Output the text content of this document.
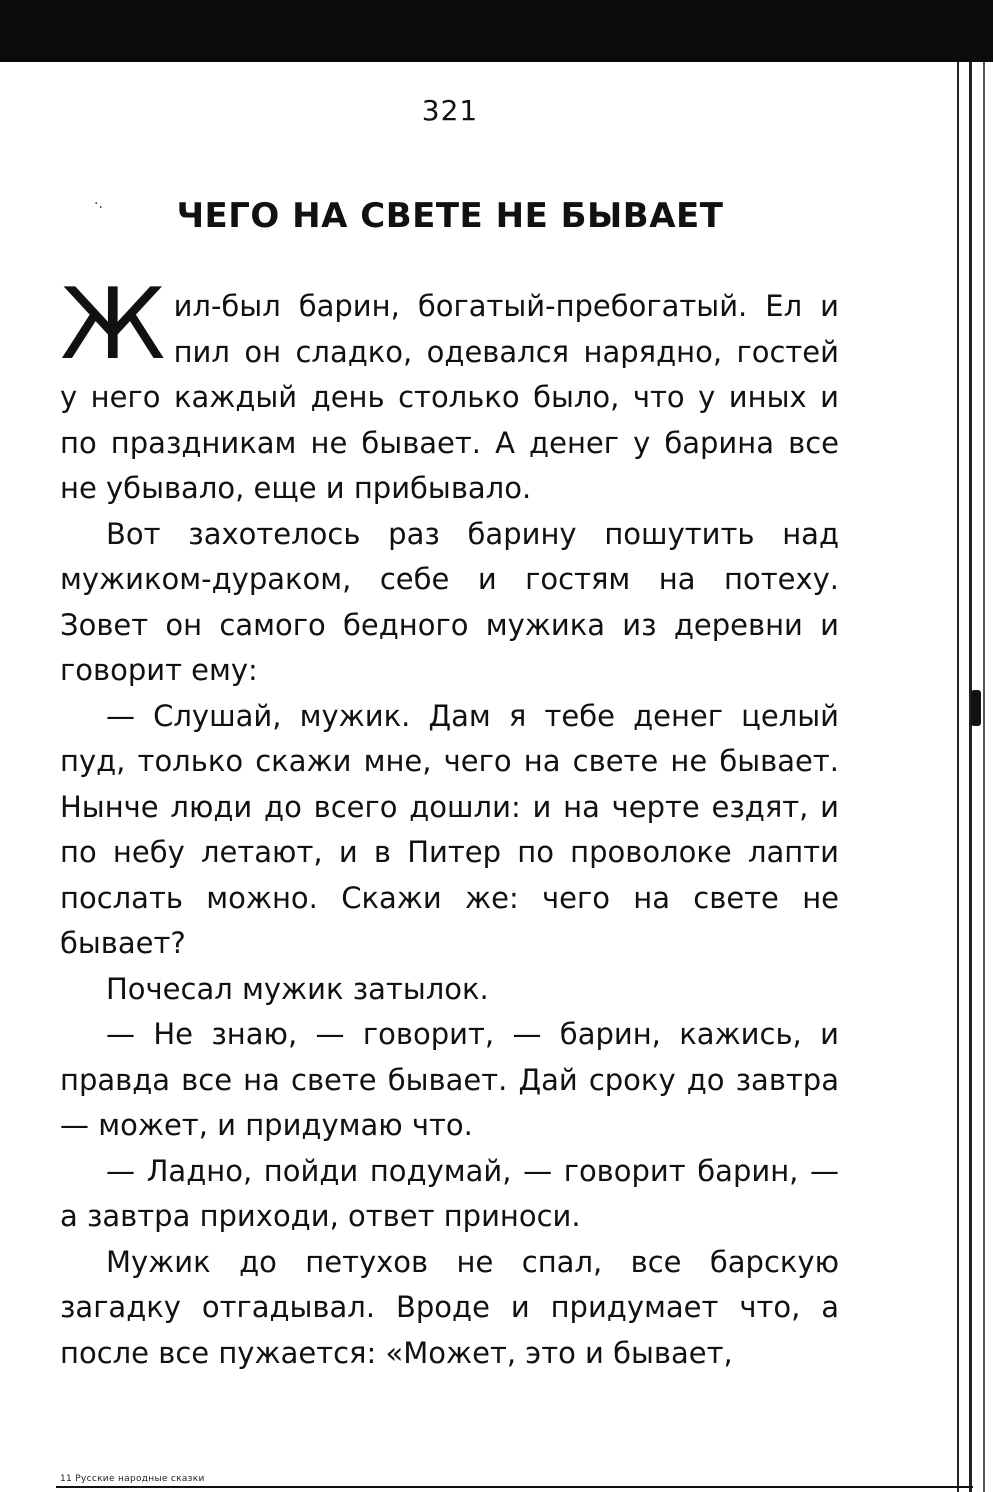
321
·.	ЧЕГО НА СВЕТЕ НЕ БЫВАЕТ

Жил-был барин, богатый-пребогатый. Ел и пил он сладко, одевался нарядно, гостей у него каждый день столько было, что у иных и по праздникам не бывает. А денег у барина все не убывало, еще и прибывало.

Вот захотелось раз барину пошутить над мужиком-дураком, себе и гостям на потеху. Зовет он самого бедного мужика из деревни и говорит ему:

— Слушай, мужик. Дам я тебе денег целый пуд, только скажи мне, чего на свете не бывает. Нынче люди до всего дошли: и на черте ездят, и по небу летают, и в Питер по проволоке лапти послать можно. Скажи же: чего на свете не бывает?

Почесал мужик затылок.

— Не знаю, — говорит, — барин, кажись, и правда все на свете бывает. Дай сроку до завтра — может, и придумаю что.

— Ладно, пойди подумай, — говорит барин, — а завтра приходи, ответ приноси.

Мужик до петухов не спал, все барскую загадку отгадывал. Вроде и придумает что, а после все пужается: «Может, это и бывает,

11 Русские народные сказки
